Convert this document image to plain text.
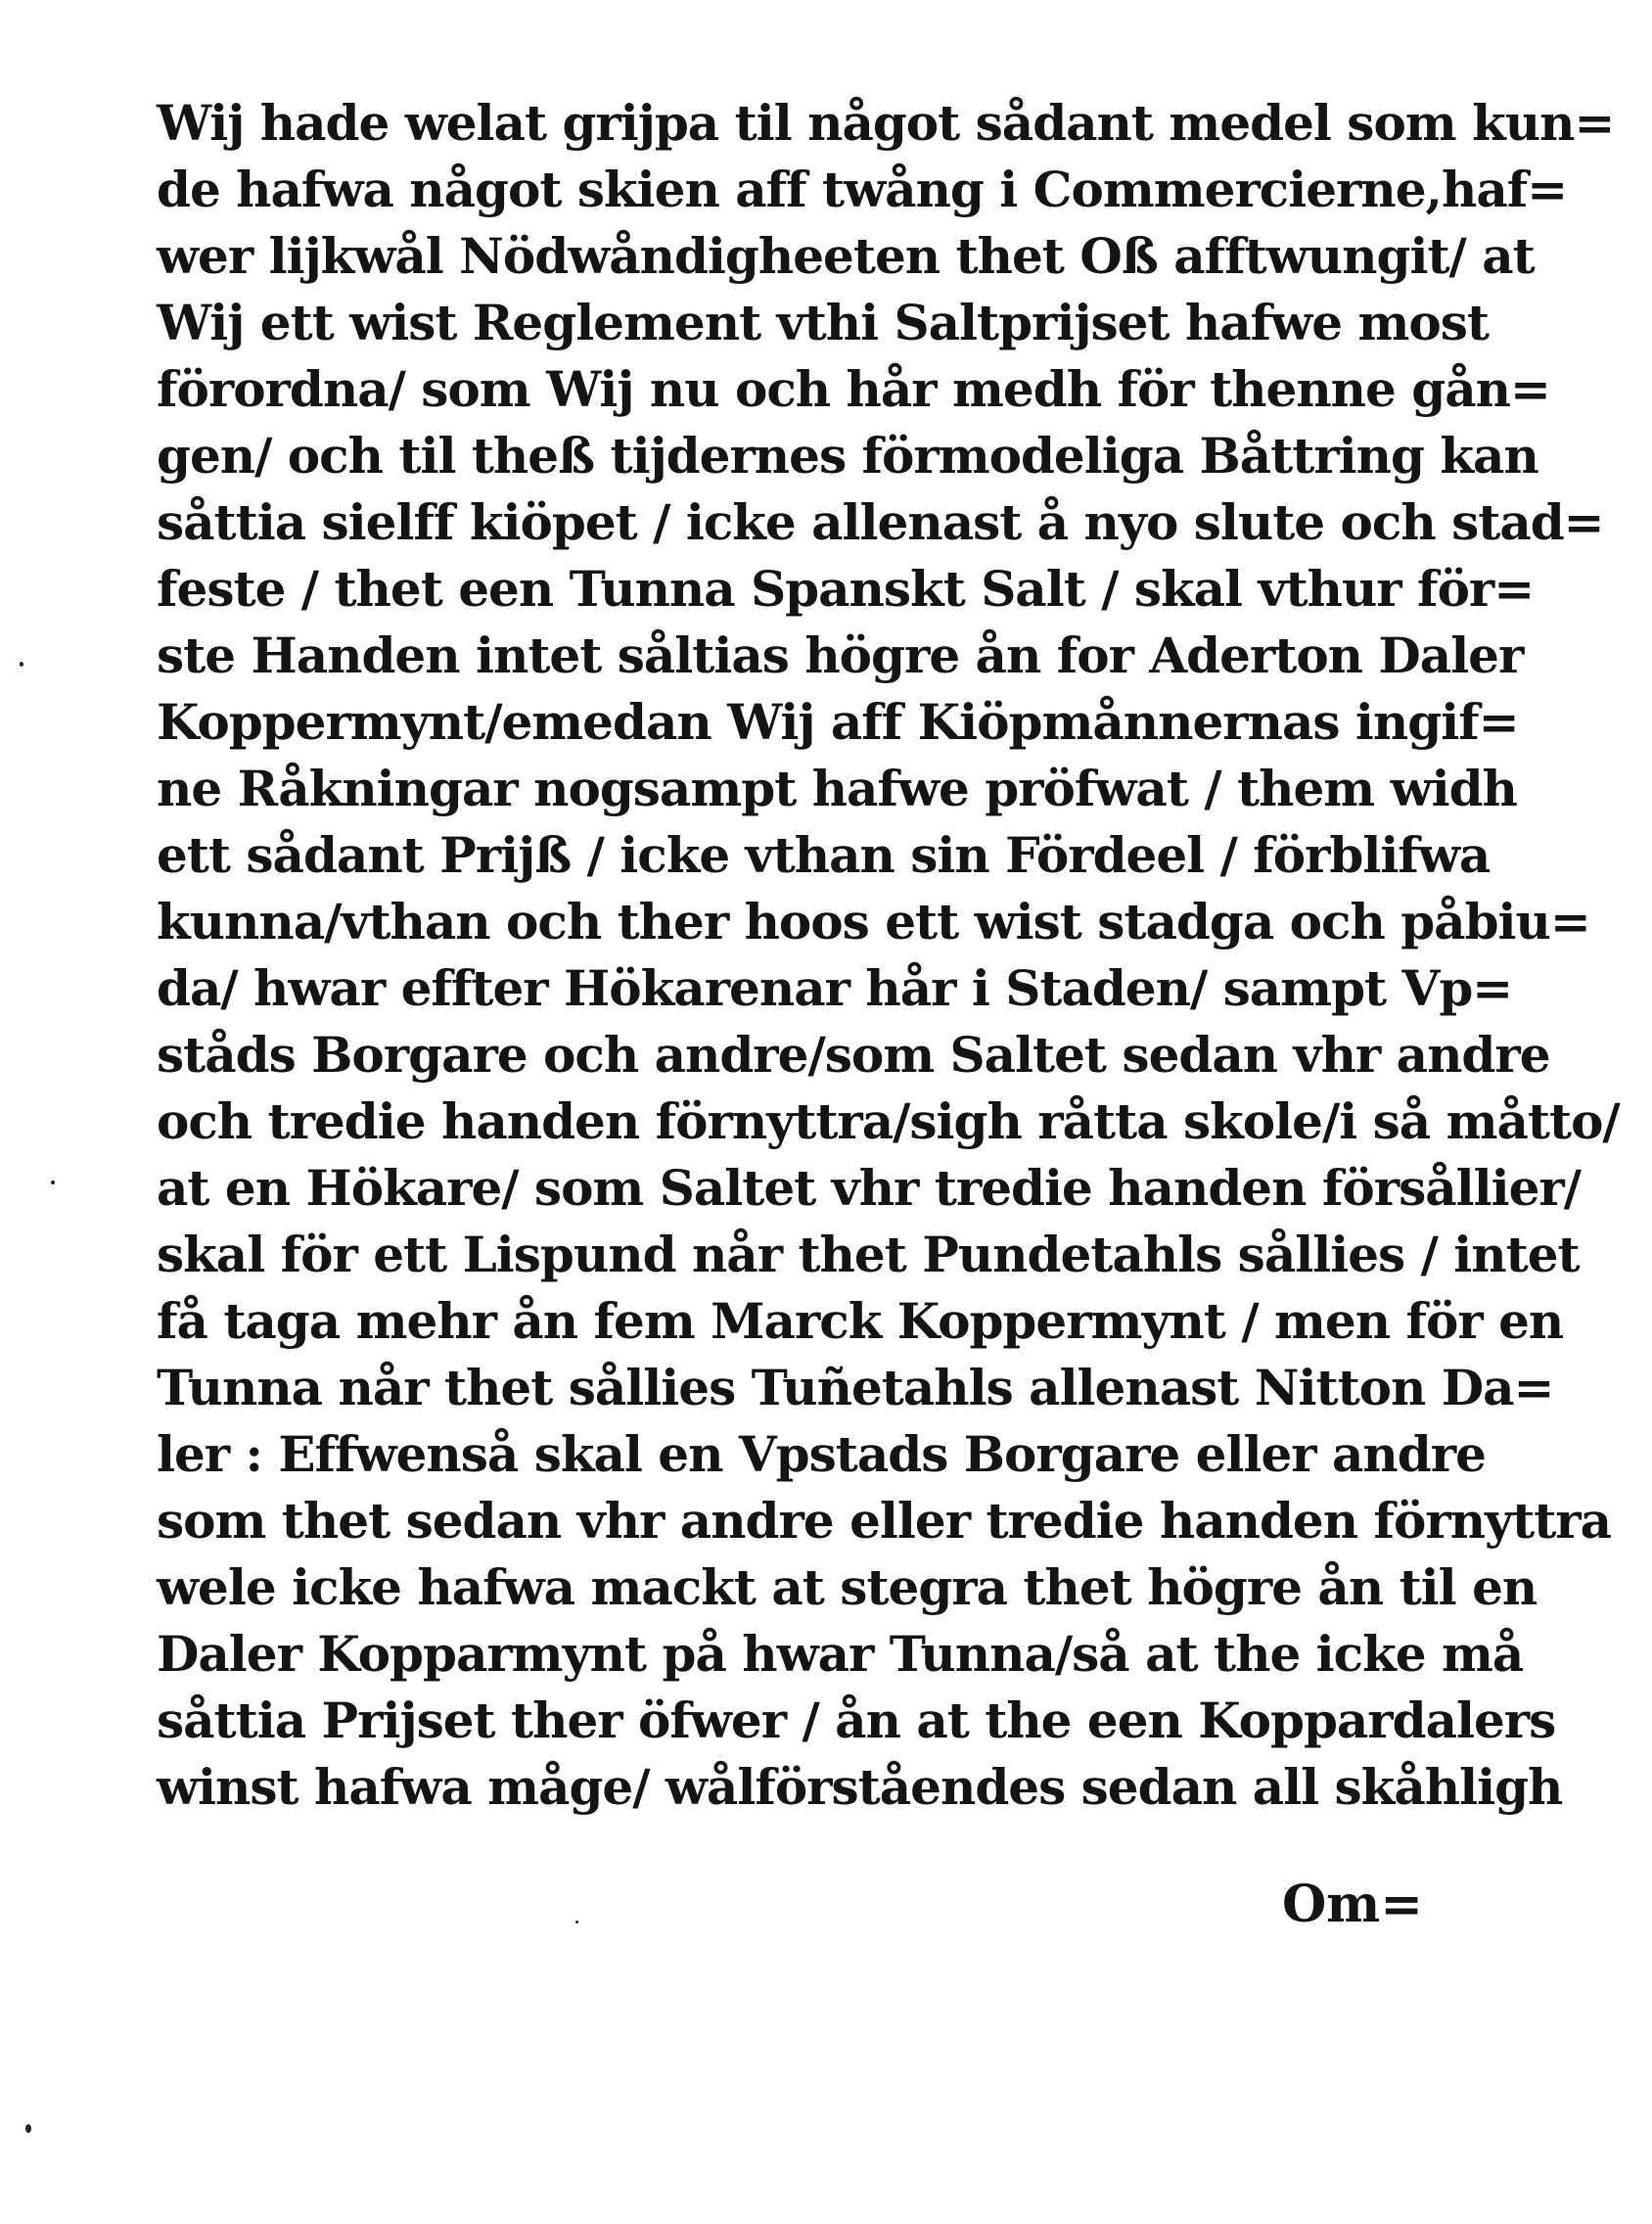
Wij hade welat grijpa til något sådant medel som kun=
de hafwa något skien aff twång i Commercierne,haf=
wer lijkwål Nödwåndigheeten thet Oß afftwungit/ at
Wij ett wist Reglement vthi Saltprijset hafwe most
förordna/ som Wij nu och hår medh för thenne gån=
gen/ och til theß tijdernes förmodeliga Båttring kan
såttia sielff kiöpet / icke allenast å nyo slute och stad=
feste / thet een Tunna Spanskt Salt / skal vthur för=
ste Handen intet såltias högre ån for Aderton Daler
Koppermynt/emedan Wij aff Kiöpmånnernas ingif=
ne Råkningar nogsampt hafwe pröfwat / them widh
ett sådant Prijß / icke vthan sin Fördeel / förblifwa
kunna/vthan och ther hoos ett wist stadga och påbiu=
da/ hwar effter Hökarenar hår i Staden/ sampt Vp=
ståds Borgare och andre/som Saltet sedan vhr andre
och tredie handen förnyttra/sigh råtta skole/i så måtto/
at en Hökare/ som Saltet vhr tredie handen försållier/
skal för ett Lispund når thet Pundetahls sållies / intet
få taga mehr ån fem Marck Koppermynt / men för en
Tunna når thet sållies Tuñetahls allenast Nitton Da=
ler : Effwenså skal en Vpstads Borgare eller andre
som thet sedan vhr andre eller tredie handen förnyttra
wele icke hafwa mackt at stegra thet högre ån til en
Daler Kopparmynt på hwar Tunna/så at the icke må
såttia Prijset ther öfwer / ån at the een Koppardalers
winst hafwa måge/ wålförståendes sedan all skåhligh
Om=
